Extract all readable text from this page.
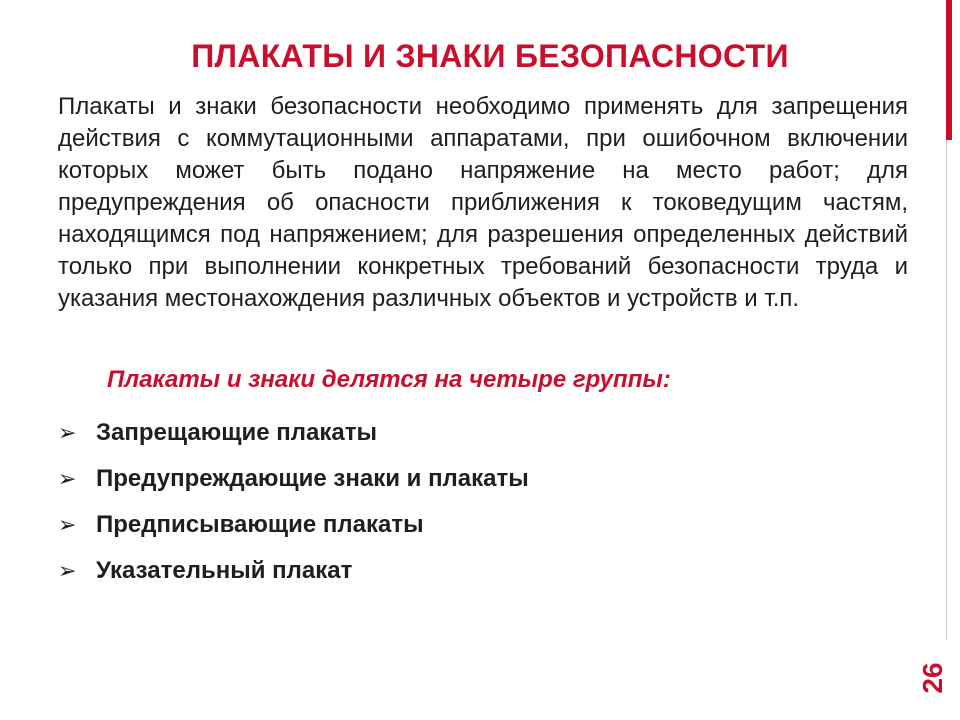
ПЛАКАТЫ И ЗНАКИ БЕЗОПАСНОСТИ

Плакаты и знаки безопасности необходимо применять для запрещения действия с коммутационными аппаратами, при ошибочном включении которых может быть подано напряжение на место работ; для предупреждения об опасности приближения к токоведущим частям, находящимся под напряжением; для разрешения определенных действий только при выполнении конкретных требований безопасности труда и указания местонахождения различных объектов и устройств и т.п.

Плакаты и знаки делятся на четыре группы:

➢ Запрещающие плакаты
➢ Предупреждающие знаки и плакаты
➢ Предписывающие плакаты
➢ Указательный плакат
26
